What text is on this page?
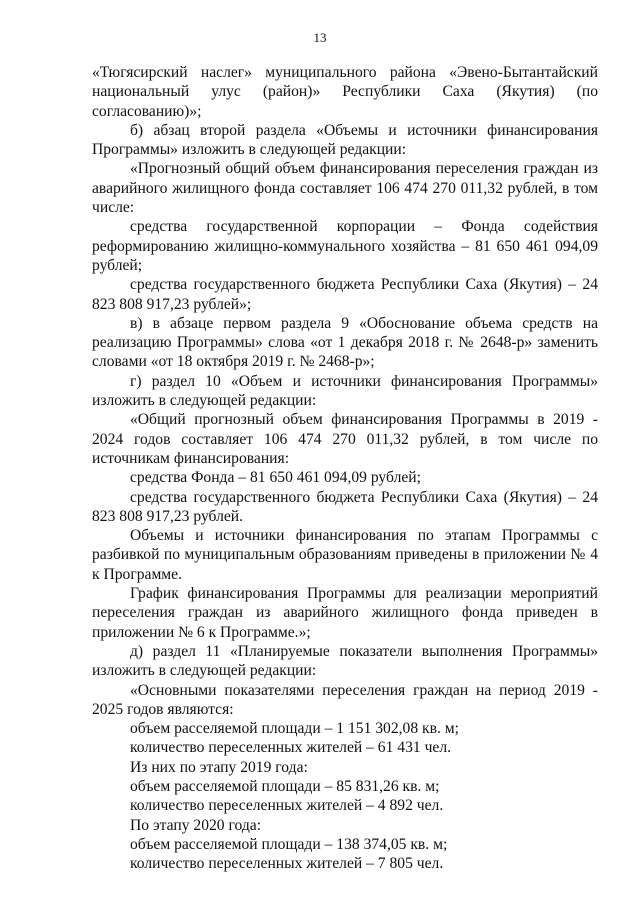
13

«Тюгясирский наслег» муниципального района «Эвено-Бытантайский национальный улус (район)» Республики Саха (Якутия) (по согласованию)»;

б) абзац второй раздела «Объемы и источники финансирования Программы» изложить в следующей редакции:

«Прогнозный общий объем финансирования переселения граждан из аварийного жилищного фонда составляет 106 474 270 011,32 рублей, в том числе:

средства государственной корпорации – Фонда содействия реформированию жилищно-коммунального хозяйства – 81 650 461 094,09 рублей;

средства государственного бюджета Республики Саха (Якутия) – 24 823 808 917,23 рублей»;

в) в абзаце первом раздела 9 «Обоснование объема средств на реализацию Программы» слова «от 1 декабря 2018 г. № 2648-р» заменить словами «от 18 октября 2019 г. № 2468-р»;

г) раздел 10 «Объем и источники финансирования Программы» изложить в следующей редакции:

«Общий прогнозный объем финансирования Программы в 2019 - 2024 годов составляет 106 474 270 011,32 рублей, в том числе по источникам финансирования:

средства Фонда – 81 650 461 094,09 рублей;

средства государственного бюджета Республики Саха (Якутия) – 24 823 808 917,23 рублей.

Объемы и источники финансирования по этапам Программы с разбивкой по муниципальным образованиям приведены в приложении № 4 к Программе.

График финансирования Программы для реализации мероприятий переселения граждан из аварийного жилищного фонда приведен в приложении № 6 к Программе.»;

д) раздел 11 «Планируемые показатели выполнения Программы» изложить в следующей редакции:

«Основными показателями переселения граждан на период 2019 - 2025 годов являются:

объем расселяемой площади – 1 151 302,08 кв. м;

количество переселенных жителей – 61 431 чел.

Из них по этапу 2019 года:

объем расселяемой площади – 85 831,26 кв. м;

количество переселенных жителей – 4 892 чел.

По этапу 2020 года:

объем расселяемой площади – 138 374,05 кв. м;

количество переселенных жителей – 7 805 чел.
